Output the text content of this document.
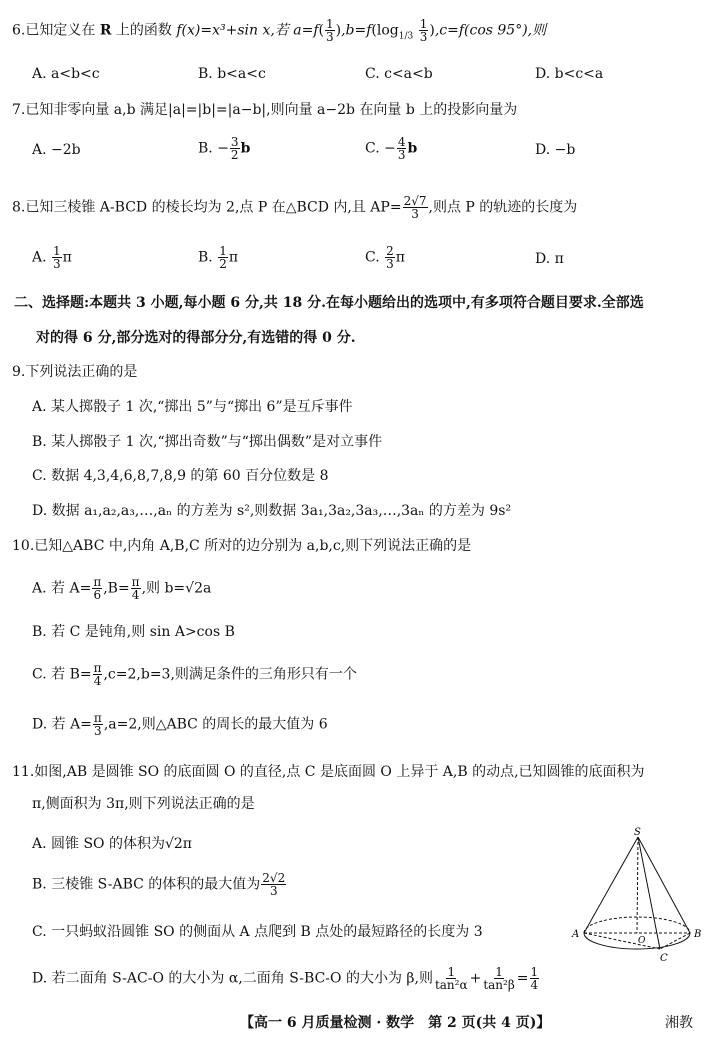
6.已知定义在 R 上的函数 f(x)=x³+sin x,若 $a=f( \frac{1}{3} ),b=f(\log_{1/3} \frac{1}{3} ),c=f(\cos$ 95°),则
A. a<b<c	B. b<a<c	C. c<a<b	D. b<c<a
7.已知非零向量 a,b 满足|a|=|b|=|a−b|,则向量 a−2b 在向量 b 上的投影向量为
A. −2b	B. − $\frac{3}{2}$ b	C. − $\frac{4}{3}$ b	D. −b
8.已知三棱锥 A-BCD 的棱长均为 2,点 P 在△BCD 内,且 $AP= \frac{2√7}{3}$ ,则点 P 的轨迹的长度为
A. $\frac{1}{3}$ π	B. $\frac{1}{2}$ π	C. $\frac{2}{3}$ π	D. π
二、选择题:本题共 3 小题,每小题 6 分,共 18 分.在每小题给出的选项中,有多项符合题目要求.全部选
对的得 6 分,部分选对的得部分分,有选错的得 0 分.
9.下列说法正确的是
A. 某人掷骰子 1 次,“掷出 5”与“掷出 6”是互斥事件
B. 某人掷骰子 1 次,“掷出奇数”与“掷出偶数”是对立事件
C. 数据 4,3,4,6,8,7,8,9 的第 60 百分位数是 8
D. 数据 a₁,a₂,a₃,…,aₙ 的方差为 s²,则数据 3a₁,3a₂,3a₃,…,3aₙ 的方差为 9s²
10.已知△ABC 中,内角 A,B,C 所对的边分别为 a,b,c,则下列说法正确的是
A. 若 $A= \frac{\pi}{6} ,B= \frac{\pi}{4}$ ,则 b=√2a
B. 若 C 是钝角,则 sin A>cos B
C. 若 $B= \frac{\pi}{4} ,c=2,b=3$,则满足条件的三角形只有一个
D. 若 $A= \frac{\pi}{3} ,a=2$,则△ABC 的周长的最大值为 6
11.如图,AB 是圆锥 SO 的底面圆 O 的直径,点 C 是底面圆 O 上异于 A,B 的动点,已知圆锥的底面积为
π,侧面积为 3π,则下列说法正确的是
A. 圆锥 SO 的体积为√2π
B. 三棱锥 S-ABC 的体积的最大值为 $\frac{2√2}{3}$
C. 一只蚂蚁沿圆锥 SO 的侧面从 A 点爬到 B 点处的最短路径的长度为 3
D. 若二面角 S-AC-O 的大小为 α,二面角 S-BC-O 的大小为 β,则 $\frac{1}{\text{tan²α}} + \frac{1}{\text{tan²β}} = \frac{1}{4}$
S
A	B
C
O
【高一 6 月质量检测 · 数学　第 2 页(共 4 页)】	湘教
